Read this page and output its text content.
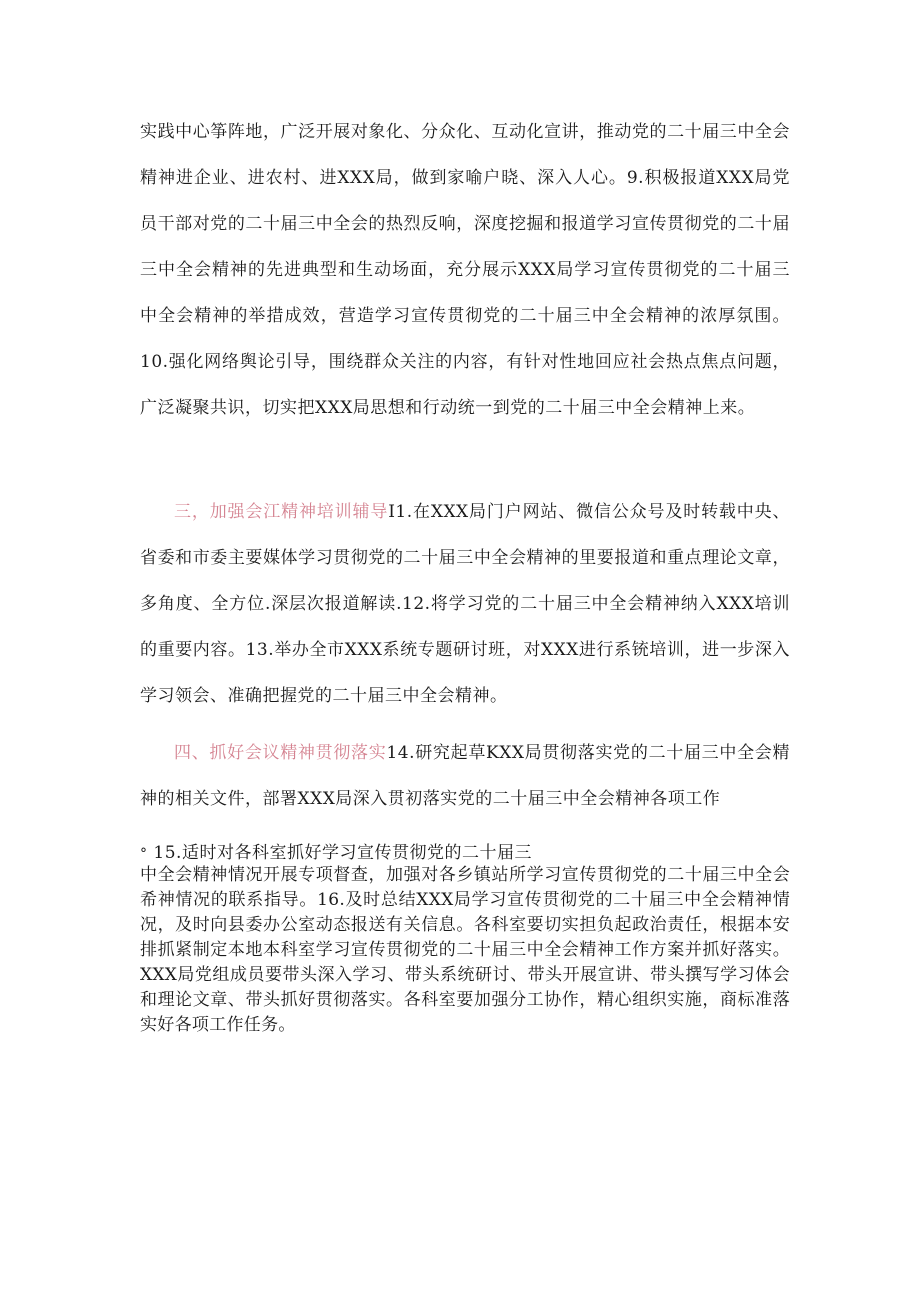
实践中心筝阵地，广泛开展对象化、分众化、互动化宣讲，推动党的二十届三中全会精神进企业、进农村、进XXX局，做到家喻户晓、深入人心。9.积极报道XXX局党员干部对党的二十届三中全会的热烈反响，深度挖掘和报道学习宣传贯彻党的二十届三中全会精神的先进典型和生动场面，充分展示XXX局学习宣传贯彻党的二十届三中全会精神的举措成效，营造学习宣传贯彻党的二十届三中全会精神的浓厚氛围。10.强化网络舆论引导，围绕群众关注的内容，有针对性地回应社会热点焦点问题，广泛凝聚共识，切实把XXX局思想和行动统一到党的二十届三中全会精神上来。

三，加强会江精神培训辅导I1.在XXX局门户网站、微信公众号及时转载中央、省委和市委主要媒体学习贯彻党的二十届三中全会精神的里要报道和重点理论文章，多角度、全方位.深层次报道解读.12.将学习党的二十届三中全会精神纳入XXX培训的重要内容。13.举办全市XXX系统专题研讨班，对XXX进行系铳培训，进一步深入学习领会、准确把握党的二十届三中全会精神。

四、抓好会议精神贯彻落实14.研究起草KXX局贯彻落实党的二十届三中全会精神的相关文件，部署XXX局深入贯初落实党的二十届三中全会精神各项工作

° 15.适时对各科室抓好学习宣传贯彻党的二十届三

中全会精神情况开展专项督查，加强对各乡镇站所学习宣传贯彻党的二十届三中全会希神情况的联系指导。16.及时总结XXX局学习宣传贯彻党的二十届三中全会精神情况，及时向县委办公室动态报送有关信息。各科室要切实担负起政治责任，根据本安排抓紧制定本地本科室学习宣传贯彻党的二十届三中全会精神工作方案并抓好落实。XXX局党组成员要带头深入学习、带头系统研讨、带头开展宣讲、带头撰写学习体会和理论文章、带头抓好贯彻落实。各科室要加强分工协作，精心组织实施，商标准落实好各项工作任务。
